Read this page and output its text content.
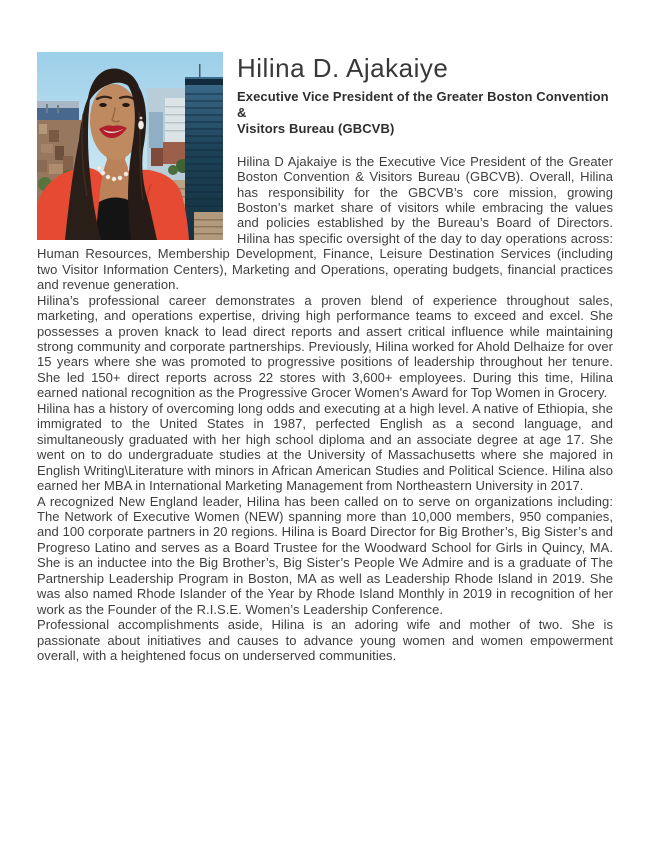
Hilina D. Ajakaiye
Executive Vice President of the Greater Boston Convention &
Visitors Bureau (GBCVB)

Hilina D Ajakaiye is the Executive Vice President of the Greater Boston Convention & Visitors Bureau (GBCVB). Overall, Hilina has responsibility for the GBCVB’s core mission, growing Boston’s market share of visitors while embracing the values and policies established by the Bureau’s Board of Directors. Hilina has specific oversight of the day to day operations across: Human Resources, Membership Development, Finance, Leisure Destination Services (including two Visitor Information Centers), Marketing and Operations, operating budgets, financial practices and revenue generation.

Hilina’s professional career demonstrates a proven blend of experience throughout sales, marketing, and operations expertise, driving high performance teams to exceed and excel. She possesses a proven knack to lead direct reports and assert critical influence while maintaining strong community and corporate partnerships. Previously, Hilina worked for Ahold Delhaize for over 15 years where she was promoted to progressive positions of leadership throughout her tenure. She led 150+ direct reports across 22 stores with 3,600+ employees. During this time, Hilina earned national recognition as the Progressive Grocer Women's Award for Top Women in Grocery.

Hilina has a history of overcoming long odds and executing at a high level. A native of Ethiopia, she immigrated to the United States in 1987, perfected English as a second language, and simultaneously graduated with her high school diploma and an associate degree at age 17. She went on to do undergraduate studies at the University of Massachusetts where she majored in English Writing\Literature with minors in African American Studies and Political Science. Hilina also earned her MBA in International Marketing Management from Northeastern University in 2017.

A recognized New England leader, Hilina has been called on to serve on organizations including: The Network of Executive Women (NEW) spanning more than 10,000 members, 950 companies, and 100 corporate partners in 20 regions. Hilina is Board Director for Big Brother’s, Big Sister’s and Progreso Latino and serves as a Board Trustee for the Woodward School for Girls in Quincy, MA. She is an inductee into the Big Brother’s, Big Sister’s People We Admire and is a graduate of The Partnership Leadership Program in Boston, MA as well as Leadership Rhode Island in 2019. She was also named Rhode Islander of the Year by Rhode Island Monthly in 2019 in recognition of her work as the Founder of the R.I.S.E. Women’s Leadership Conference.

Professional accomplishments aside, Hilina is an adoring wife and mother of two. She is passionate about initiatives and causes to advance young women and women empowerment overall, with a heightened focus on underserved communities.
